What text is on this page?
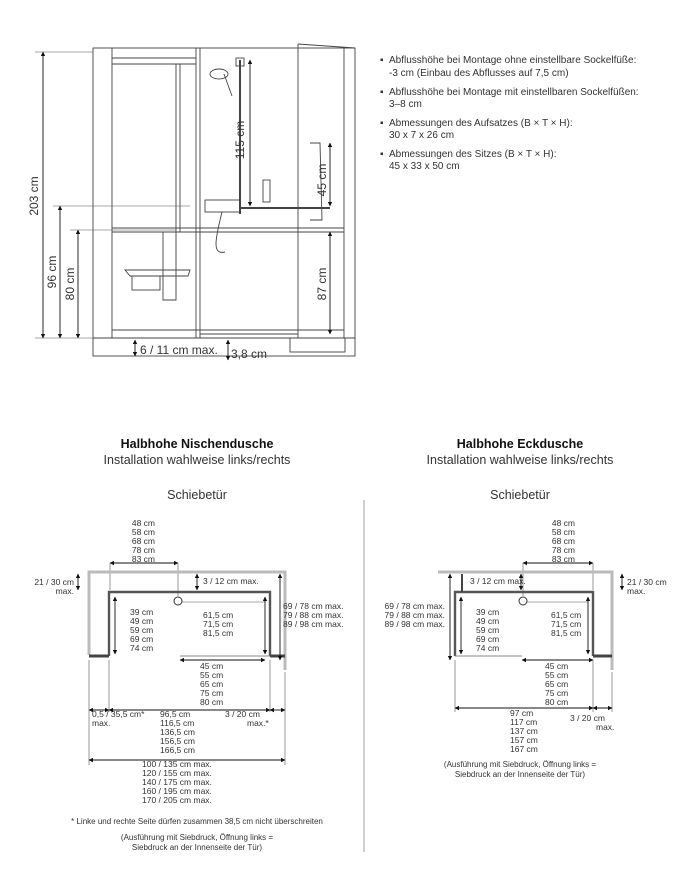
203 cm
96 cm 80 cm
115 cm
45 cm
87 cm
6 / 11 cm max. 3,8 cm
▪ Abflusshöhe bei Montage ohne einstellbare Sockelfüße:
-3 cm (Einbau des Abflusses auf 7,5 cm)
▪ Abflusshöhe bei Montage mit einstellbaren Sockelfüßen:
3–8 cm
▪ Abmessungen des Aufsatzes (B × T × H):
30 x 7 x 26 cm
▪ Abmessungen des Sitzes (B × T × H):
45 x 33 x 50 cm
Halbhohe Nischendusche
Installation wahlweise links/rechts
Schiebetür
48 cm
58 cm
68 cm
78 cm
83 cm
21 / 30 cm
max.
3 / 12 cm max.
69 / 78 cm max.
79 / 88 cm max.
89 / 98 cm max.
39 cm
49 cm
59 cm
69 cm
74 cm
61,5 cm
71,5 cm
81,5 cm
45 cm
55 cm
65 cm
75 cm
80 cm
0,5 / 35,5 cm*
max.
96,5 cm
116,5 cm
136,5 cm
156,5 cm
166,5 cm
3 / 20 cm
max.*
100 / 135 cm max.
120 / 155 cm max.
140 / 175 cm max.
160 / 195 cm max.
170 / 205 cm max.
* Linke und rechte Seite dürfen zusammen 38,5 cm nicht überschreiten
(Ausführung mit Siebdruck, Öffnung links =
Siebdruck an der Innenseite der Tür)
Halbhohe Eckdusche
Installation wahlweise links/rechts
Schiebetür
48 cm
58 cm
68 cm
78 cm
83 cm
3 / 12 cm max.	21 / 30 cm
max.
69 / 78 cm max.
79 / 88 cm max.
89 / 98 cm max.
39 cm
49 cm
59 cm
69 cm
74 cm
61,5 cm
71,5 cm
81,5 cm
45 cm
55 cm
65 cm
75 cm
80 cm
97 cm
117 cm
137 cm
157 cm
167 cm
3 / 20 cm
max.
(Ausführung mit Siebdruck, Öffnung links =
Siebdruck an der Innenseite der Tür)
